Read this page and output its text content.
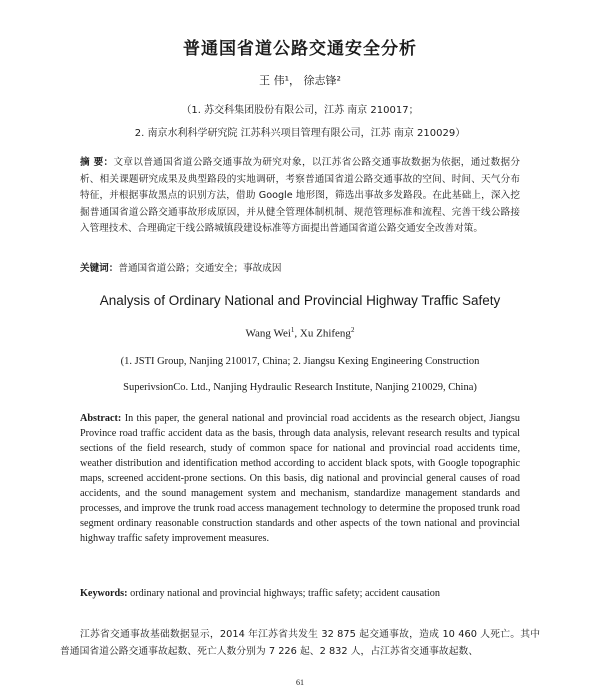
普通国省道公路交通安全分析
王 伟¹， 徐志锋²
（1. 苏交科集团股份有限公司，江苏 南京 210017；
2. 南京水利科学研究院 江苏科兴项目管理有限公司，江苏 南京 210029）
摘 要：文章以普通国省道公路交通事故为研究对象，以江苏省公路交通事故数据为依据，通过数据分析、相关课题研究成果及典型路段的实地调研，考察普通国省道公路交通事故的空间、时间、天气分布特征，并根据事故黑点的识别方法，借助 Google 地形图，筛选出事故多发路段。在此基础上，深入挖掘普通国省道公路交通事故形成原因，并从健全管理体制机制、规范管理标准和流程、完善干线公路接入管理技术、合理确定干线公路城镇段建设标准等方面提出普通国省道公路交通安全改善对策。
关键词：普通国省道公路；交通安全；事故成因
Analysis of Ordinary National and Provincial Highway Traffic Safety
Wang Wei$^1$, Xu Zhifeng$^2$
(1. JSTI Group, Nanjing 210017, China; 2. Jiangsu Kexing Engineering Construction
SuperivsionCo. Ltd., Nanjing Hydraulic Research Institute, Nanjing 210029, China)
Abstract: In this paper, the general national and provincial road accidents as the research object, Jiangsu Province road traffic accident data as the basis, through data analysis, relevant research results and typical sections of the field research, study of common space for national and provincial road accidents time, weather distribution and identification method according to accident black spots, with Google topographic maps, screened accident-prone sections. On this basis, dig national and provincial general causes of road accidents, and the sound management system and mechanism, standardize management standards and processes, and improve the trunk road access management technology to determine the proposed trunk road segment ordinary reasonable construction standards and other aspects of the town national and provincial highway traffic safety improvement measures.
Keywords: ordinary national and provincial highways; traffic safety; accident causation
江苏省交通事故基础数据显示，2014 年江苏省共发生 32 875 起交通事故，造成 10 460 人死亡。其中普通国省道公路交通事故起数、死亡人数分别为 7 226 起、2 832 人，占江苏省交通事故起数、
61
